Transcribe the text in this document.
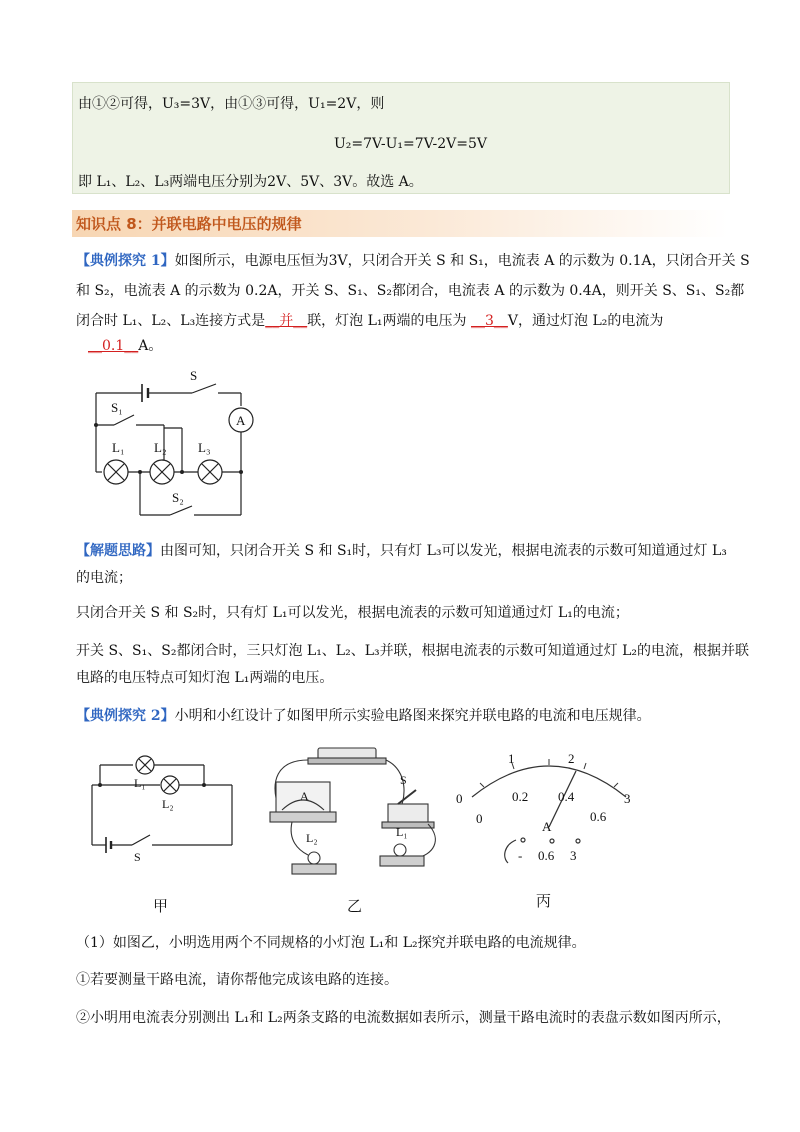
由①②可得，U₃=3V，由①③可得，U₁=2V，则
U₂=7V-U₁=7V-2V=5V
即 L₁、L₂、L₃两端电压分别为2V、5V、3V。故选 A。
知识点 8：并联电路中电压的规律
【典例探究 1】如图所示，电源电压恒为3V，只闭合开关 S 和 S₁，电流表 A 的示数为 0.1A，只闭合开关 S
和 S₂，电流表 A 的示数为 0.2A，开关 S、S₁、S₂都闭合，电流表 A 的示数为 0.4A，则开关 S、S₁、S₂都
闭合时 L₁、L₂、L₃连接方式是__并__联，灯泡 L₁两端的电压为 __3__V，通过灯泡 L₂的电流为
__0.1__A。
S
S₁
A
L₁ L₂ L₃
S₂
【解题思路】由图可知，只闭合开关 S 和 S₁时，只有灯 L₃可以发光，根据电流表的示数可知道通过灯 L₃
的电流；
只闭合开关 S 和 S₂时，只有灯 L₁可以发光，根据电流表的示数可知道通过灯 L₁的电流；
开关 S、S₁、S₂都闭合时，三只灯泡 L₁、L₂、L₃并联，根据电流表的示数可知道通过灯 L₂的电流，根据并联
电路的电压特点可知灯泡 L₁两端的电压。
【典例探究 2】小明和小红设计了如图甲所示实验电路图来探究并联电路的电流和电压规律。
L₁
L₂
S
S
A
L₂	L₁
0
1	2
3
0
0.2 0.4
0.6
A
- 0.6 3
甲	乙	丙
（1）如图乙，小明选用两个不同规格的小灯泡 L₁和 L₂探究并联电路的电流规律。
①若要测量干路电流，请你帮他完成该电路的连接。
②小明用电流表分别测出 L₁和 L₂两条支路的电流数据如表所示，测量干路电流时的表盘示数如图丙所示，
